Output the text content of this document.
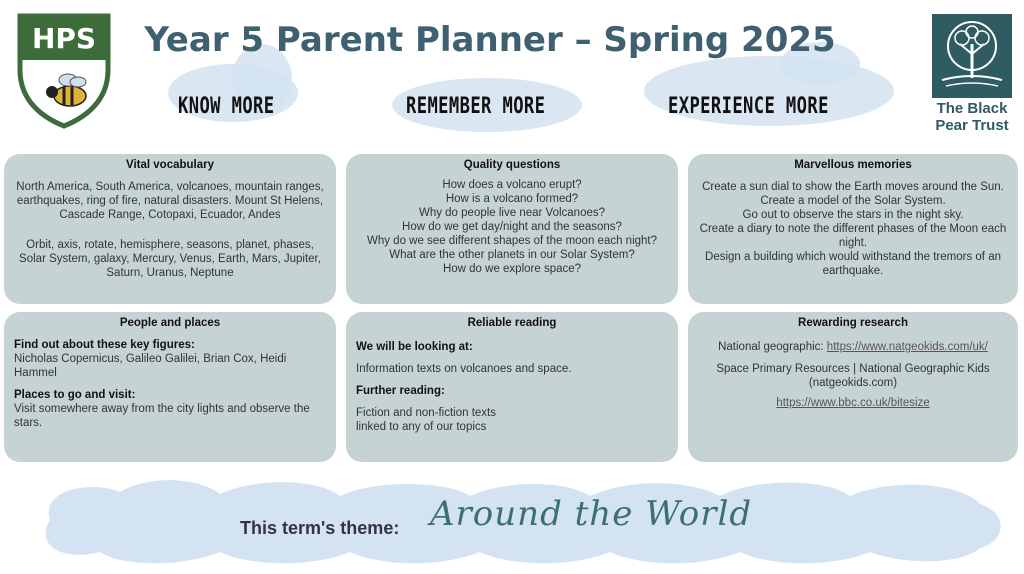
HPS	Year 5 Parent Planner – Spring 2025
KNOW MORE	REMEMBER MORE	EXPERIENCE MORE	The Black
Pear Trust
Vital vocabulary
North America, South America, volcanoes, mountain ranges, earthquakes, ring of fire, natural disasters. Mount St Helens, Cascade Range, Cotopaxi, Ecuador, Andes
Orbit, axis, rotate, hemisphere, seasons, planet, phases, Solar System, galaxy, Mercury, Venus, Earth, Mars, Jupiter, Saturn, Uranus, Neptune
Quality questions
How does a volcano erupt?
How is a volcano formed?
Why do people live near Volcanoes?
How do we get day/night and the seasons?
Why do we see different shapes of the moon each night?
What are the other planets in our Solar System?
How do we explore space?
Marvellous memories
Create a sun dial to show the Earth moves around the Sun.
Create a model of the Solar System.
Go out to observe the stars in the night sky.
Create a diary to note the different phases of the Moon each night.
Design a building which would withstand the tremors of an earthquake.
People and places
Find out about these key figures:
Nicholas Copernicus, Galileo Galilei, Brian Cox, Heidi Hammel
Places to go and visit:
Visit somewhere away from the city lights and observe the stars.
Reliable reading
We will be looking at:
Information texts on volcanoes and space.
Further reading:
Fiction and non-fiction texts
linked to any of our topics
Rewarding research
National geographic: https://www.natgeokids.com/uk/
Space Primary Resources | National Geographic Kids (natgeokids.com)
https://www.bbc.co.uk/bitesize
This term's theme: Around the World
